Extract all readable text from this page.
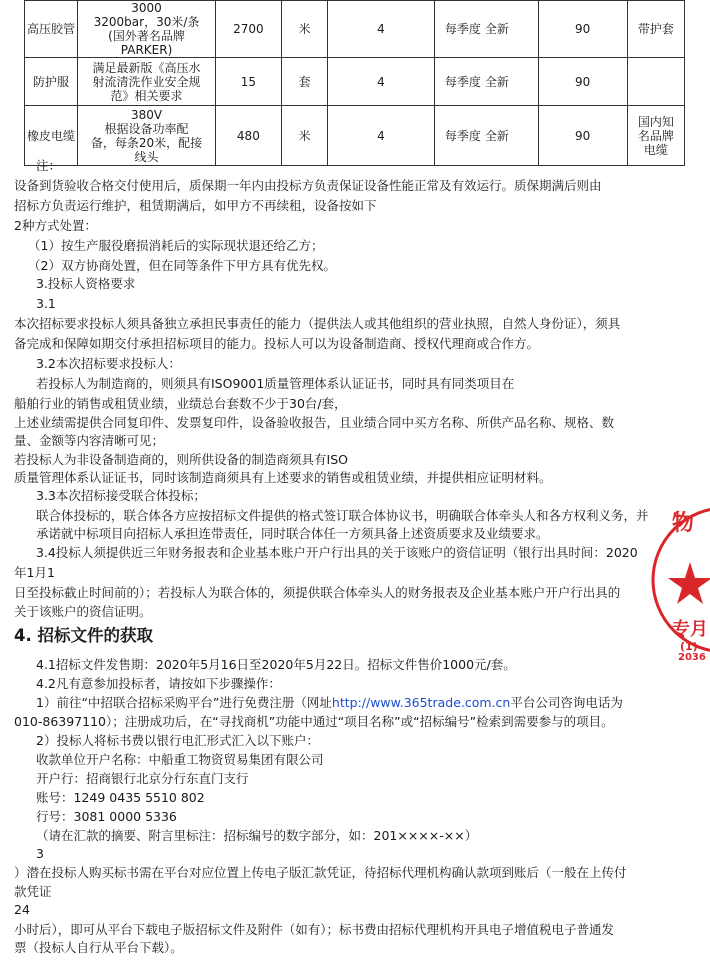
高压胶管	3000
3200bar，30米/条
(国外著名品牌
PARKER)	2700	米	4	每季度	全新	90	带护套
防护服	满足最新版《高压水
射流清洗作业安全规
范》相关要求	15	套	4	每季度	全新	90	
橡皮电缆	380V
根据设备功率配
备，每条20米，配接
线头	480	米	4	每季度	全新	90	国内知
名品牌
电缆
注：
设备到货验收合格交付使用后，质保期一年内由投标方负责保证设备性能正常及有效运行。质保期满后则由
招标方负责运行维护，租赁期满后，如甲方不再续租，设备按如下
2种方式处置：
（1）按生产服役磨损消耗后的实际现状退还给乙方；
（2）双方协商处置，但在同等条件下甲方具有优先权。
3.投标人资格要求
3.1
本次招标要求投标人须具备独立承担民事责任的能力（提供法人或其他组织的营业执照，自然人身份证），须具
备完成和保障如期交付承担招标项目的能力。投标人可以为设备制造商、授权代理商或合作方。
3.2本次招标要求投标人：
若投标人为制造商的，则须具有ISO9001质量管理体系认证证书，同时具有同类项目在
船舶行业的销售或租赁业绩，业绩总台套数不少于30台/套，
上述业绩需提供合同复印件、发票复印件，设备验收报告，且业绩合同中买方名称、所供产品名称、规格、数
量、金额等内容清晰可见；
若投标人为非设备制造商的，则所供设备的制造商须具有ISO
质量管理体系认证证书，同时该制造商须具有上述要求的销售或租赁业绩，并提供相应证明材料。
3.3本次招标接受联合体投标；
联合体投标的，联合体各方应按招标文件提供的格式签订联合体协议书，明确联合体牵头人和各方权利义务，并
承诺就中标项目向招标人承担连带责任，同时联合体任一方须具备上述资质要求及业绩要求。
3.4投标人须提供近三年财务报表和企业基本账户开户行出具的关于该账户的资信证明（银行出具时间：2020
年1月1
日至投标截止时间前的）；若投标人为联合体的，须提供联合体牵头人的财务报表及企业基本账户开户行出具的
关于该账户的资信证明。
4. 招标文件的获取
4.1招标文件发售期：2020年5月16日至2020年5月22日。招标文件售价1000元/套。
4.2凡有意参加投标者，请按如下步骤操作：
1）前往“中招联合招标采购平台”进行免费注册（网址http://www.365trade.com.cn平台公司咨询电话为
010-86397110）；注册成功后，在“寻找商机”功能中通过“项目名称”或“招标编号”检索到需要参与的项目。
2）投标人将标书费以银行电汇形式汇入以下账户：
收款单位开户名称：中船重工物资贸易集团有限公司
开户行：招商银行北京分行东直门支行
账号：1249 0435 5510 802
行号：3081 0000 5336
（请在汇款的摘要、附言里标注：招标编号的数字部分，如：201××××-××）
3
）潜在投标人购买标书需在平台对应位置上传电子版汇款凭证，待招标代理机构确认款项到账后（一般在上传付
款凭证
24
小时后），即可从平台下载电子版招标文件及附件（如有）；标书费由招标代理机构开具电子增值税电子普通发
票（投标人自行从平台下载）。
物
专月
(1)
2036
